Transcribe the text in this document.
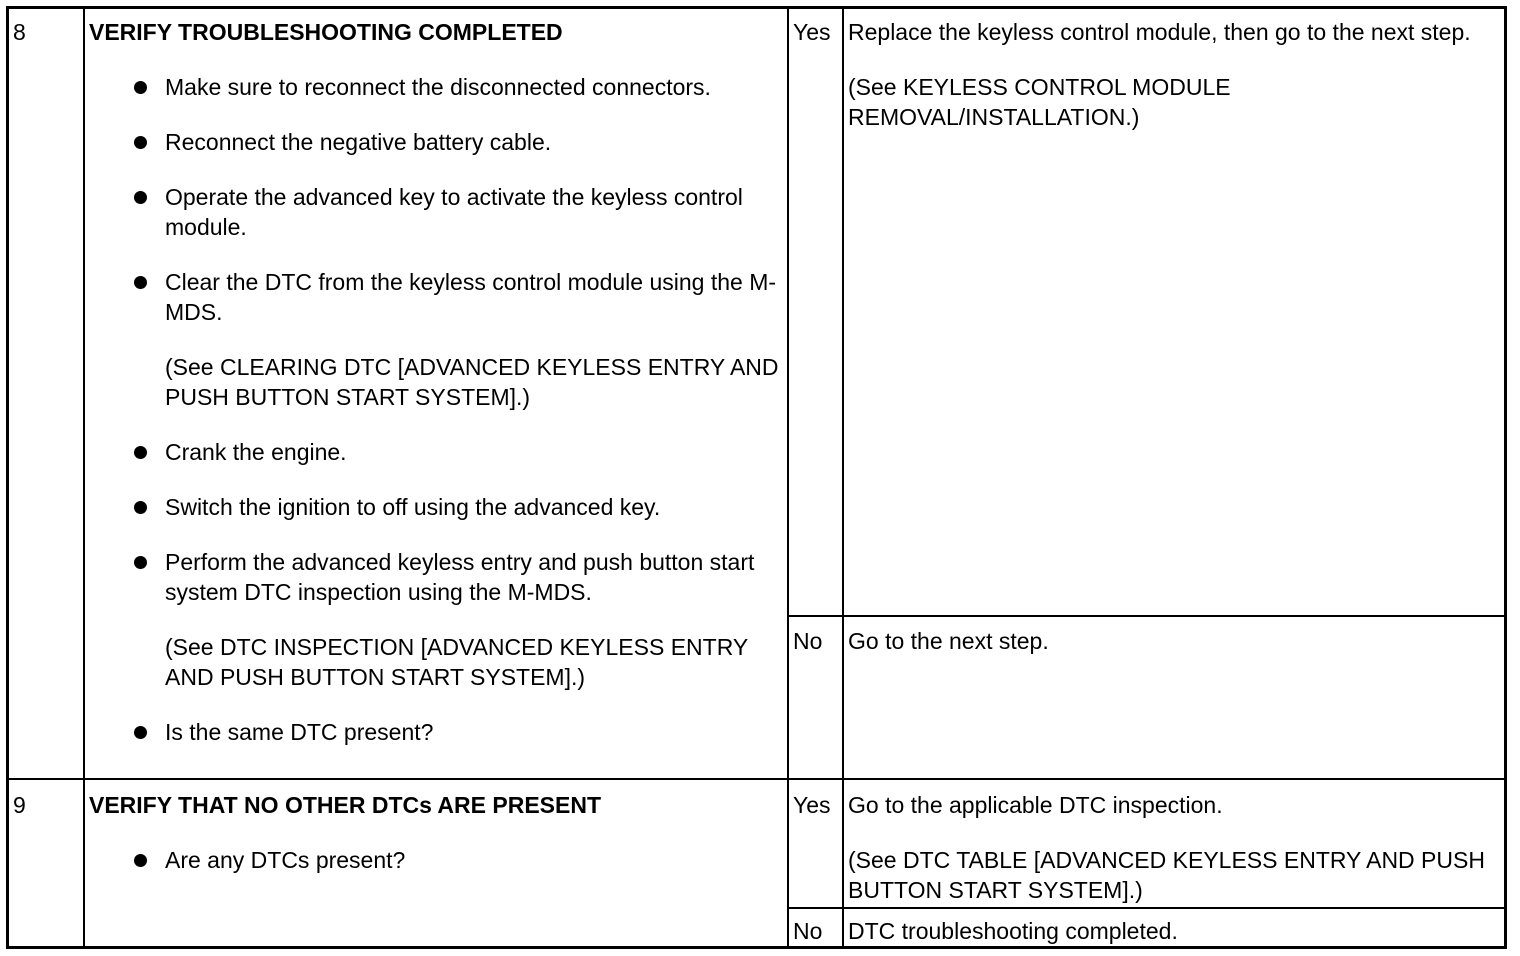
8	VERIFY TROUBLESHOOTING COMPLETED
Make sure to reconnect the disconnected connectors.
Reconnect the negative battery cable.
Operate the advanced key to activate the keyless control module.
Clear the DTC from the keyless control module using the M-MDS.
(See CLEARING DTC [ADVANCED KEYLESS ENTRY AND PUSH BUTTON START SYSTEM].)
Crank the engine.
Switch the ignition to off using the advanced key.
Perform the advanced keyless entry and push button start system DTC inspection using the M-MDS.
(See DTC INSPECTION [ADVANCED KEYLESS ENTRY AND PUSH BUTTON START SYSTEM].)
Is the same DTC present?
Yes Replace the keyless control module, then go to the next step.
(See KEYLESS CONTROL MODULE REMOVAL/INSTALLATION.)
No Go to the next step.
9	VERIFY THAT NO OTHER DTCs ARE PRESENT
Are any DTCs present?
Yes Go to the applicable DTC inspection.
(See DTC TABLE [ADVANCED KEYLESS ENTRY AND PUSH BUTTON START SYSTEM].)
No DTC troubleshooting completed.
